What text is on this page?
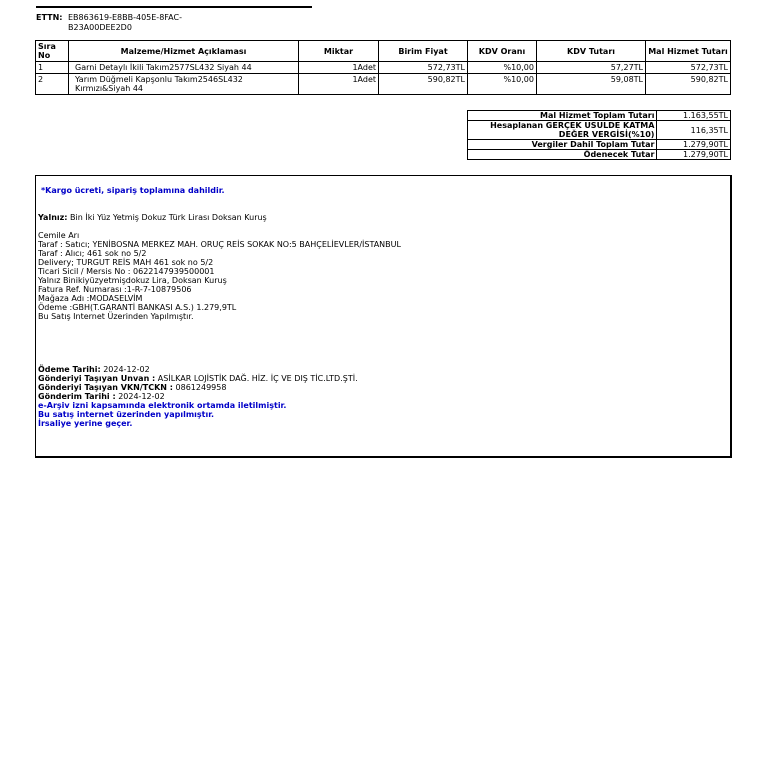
ETTN: EB863619-E8BB-405E-8FAC-B23A00DEE2D0
Sıra No	Malzeme/Hizmet Açıklaması	Miktar	Birim Fiyat	KDV Oranı	KDV Tutarı	Mal Hizmet Tutarı
1	Garni Detaylı İkili Takım2577SL432 Siyah 44	1Adet	572,73TL	%10,00	57,27TL	572,73TL
2	Yarım Düğmeli Kapşonlu Takım2546SL432 Kırmızı&Siyah 44	1Adet	590,82TL	%10,00	59,08TL	590,82TL
Mal Hizmet Toplam Tutarı	1.163,55TL
Hesaplanan GERÇEK USULDE KATMA DEĞER VERGİSİ(%10)	116,35TL
Vergiler Dahil Toplam Tutar	1.279,90TL
Ödenecek Tutar	1.279,90TL
*Kargo ücreti, sipariş toplamına dahildir.
Yalnız: Bin İki Yüz Yetmiş Dokuz Türk Lirası Doksan Kuruş
Cemile Arı
Taraf : Satıcı; YENİBOSNA MERKEZ MAH. ORUÇ REİS SOKAK NO:5 BAHÇELİEVLER/İSTANBUL
Taraf : Alıcı; 461 sok no 5/2
Delivery; TURGUT REİS MAH 461 sok no 5/2
Ticari Sicil / Mersis No : 0622147939500001
Yalnız Binikiyüzyetmişdokuz Lira, Doksan Kuruş
Fatura Ref. Numarası :1-R-7-10879506
Mağaza Adı :MODASELVİM
Ödeme :GBH(T.GARANTİ BANKASI A.S.) 1.279,9TL
Bu Satış Internet Üzerinden Yapılmıştır.
Ödeme Tarihi: 2024-12-02
Gönderiyi Taşıyan Unvan : ASİLKAR LOJİSTİK DAĞ. HİZ. İÇ VE DIŞ TİC.LTD.ŞTİ.
Gönderiyi Taşıyan VKN/TCKN : 0861249958
Gönderim Tarihi : 2024-12-02
e-Arşiv izni kapsamında elektronik ortamda iletilmiştir.
Bu satış internet üzerinden yapılmıştır.
İrsaliye yerine geçer.
